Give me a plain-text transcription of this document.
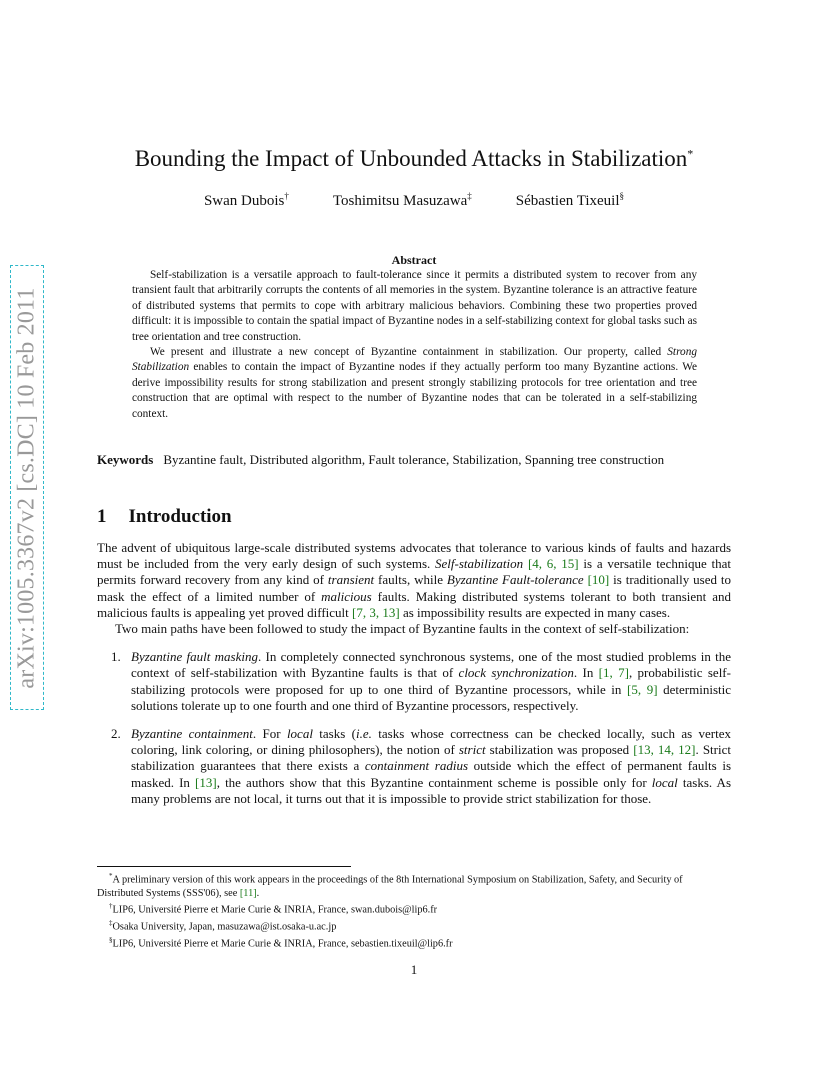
arXiv:1005.3367v2 [cs.DC] 10 Feb 2011
Bounding the Impact of Unbounded Attacks in Stabilization*
Swan Dubois†	Toshimitsu Masuzawa‡	Sébastien Tixeuil§
Abstract

Self-stabilization is a versatile approach to fault-tolerance since it permits a distributed system to recover from any transient fault that arbitrarily corrupts the contents of all memories in the system. Byzantine tolerance is an attractive feature of distributed systems that permits to cope with arbitrary malicious behaviors. Combining these two properties proved difficult: it is impossible to contain the spatial impact of Byzantine nodes in a self-stabilizing context for global tasks such as tree orientation and tree construction.

We present and illustrate a new concept of Byzantine containment in stabilization. Our property, called Strong Stabilization enables to contain the impact of Byzantine nodes if they actually perform too many Byzantine actions. We derive impossibility results for strong stabilization and present strongly stabilizing protocols for tree orientation and tree construction that are optimal with respect to the number of Byzantine nodes that can be tolerated in a self-stabilizing context.

Keywords Byzantine fault, Distributed algorithm, Fault tolerance, Stabilization, Spanning tree construction
1 Introduction

The advent of ubiquitous large-scale distributed systems advocates that tolerance to various kinds of faults and hazards must be included from the very early design of such systems. Self-stabilization [4, 6, 15] is a versatile technique that permits forward recovery from any kind of transient faults, while Byzantine Fault-tolerance [10] is traditionally used to mask the effect of a limited number of malicious faults. Making distributed systems tolerant to both transient and malicious faults is appealing yet proved difficult [7, 3, 13] as impossibility results are expected in many cases.

Two main paths have been followed to study the impact of Byzantine faults in the context of self-stabilization:

1. Byzantine fault masking. In completely connected synchronous systems, one of the most studied problems in the context of self-stabilization with Byzantine faults is that of clock synchronization. In [1, 7], probabilistic self-stabilizing protocols were proposed for up to one third of Byzantine processors, while in [5, 9] deterministic solutions tolerate up to one fourth and one third of Byzantine processors, respectively.
2. Byzantine containment. For local tasks (i.e. tasks whose correctness can be checked locally, such as vertex coloring, link coloring, or dining philosophers), the notion of strict stabilization was proposed [13, 14, 12]. Strict stabilization guarantees that there exists a containment radius outside which the effect of permanent faults is masked. In [13], the authors show that this Byzantine containment scheme is possible only for local tasks. As many problems are not local, it turns out that it is impossible to provide strict stabilization for those.

*A preliminary version of this work appears in the proceedings of the 8th International Symposium on Stabilization, Safety, and Security of Distributed Systems (SSS'06), see [11].

†LIP6, Université Pierre et Marie Curie & INRIA, France, swan.dubois@lip6.fr

‡Osaka University, Japan, masuzawa@ist.osaka-u.ac.jp

§LIP6, Université Pierre et Marie Curie & INRIA, France, sebastien.tixeuil@lip6.fr

1
